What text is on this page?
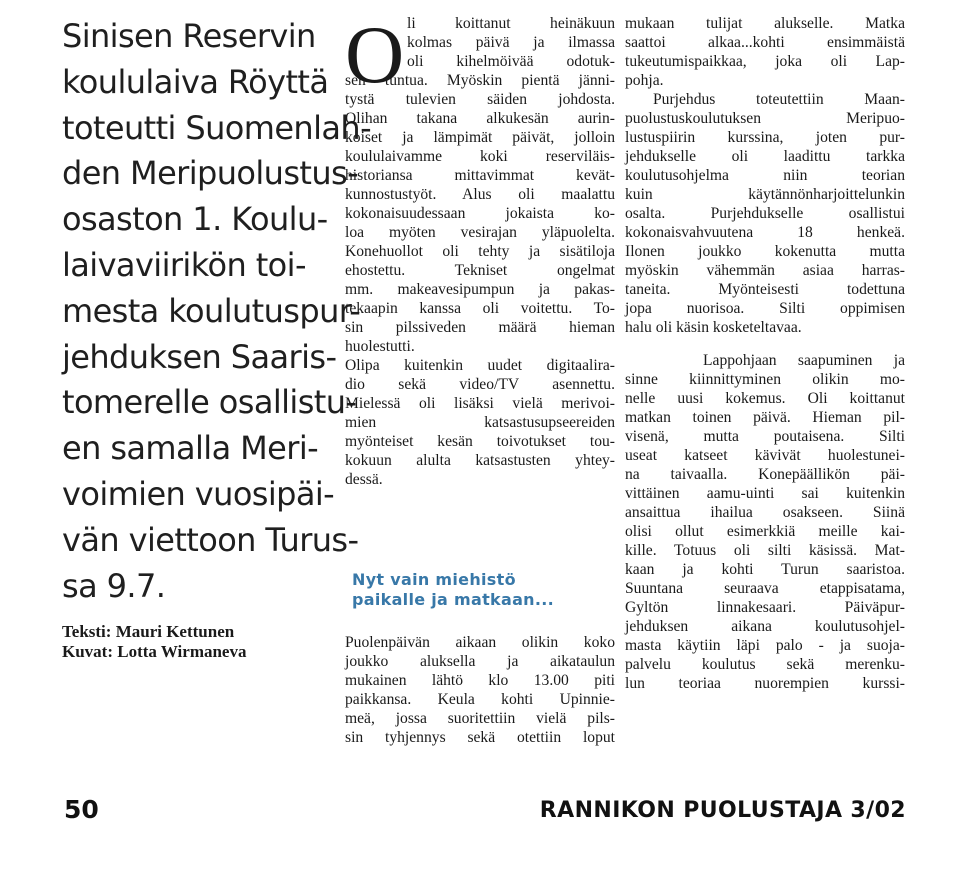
Sinisen Reservin
koululaiva Röyttä
toteutti Suomenlah-
den Meripuolustus-
osaston 1. Koulu-
laivaviirikön toi-
mesta koulutuspur-
jehduksen Saaris-
tomerelle osallistu-
en samalla Meri-
voimien vuosipäi-
vän viettoon Turus-
sa 9.7.
Teksti: Mauri Kettunen
Kuvat: Lotta Wirmaneva
O li koittanut heinäkuun
kolmas päivä ja ilmassa
oli kihelmöivää odotuk-
sen tuntua. Myöskin pientä jänni-
tystä tulevien säiden johdosta.
Olihan takana alkukesän aurin-
koiset ja lämpimät päivät, jolloin
koululaivamme koki reserviläis-
historiansa mittavimmat kevät-
kunnostustyöt. Alus oli maalattu
kokonaisuudessaan jokaista ko-
loa myöten vesirajan yläpuolelta.
Konehuollot oli tehty ja sisätiloja
ehostettu. Tekniset ongelmat
mm. makeavesipumpun ja pakas-
tekaapin kanssa oli voitettu. To-
sin pilssiveden määrä hieman
huolestutti.
Olipa kuitenkin uudet digitaalira-
dio sekä video/TV asennettu.
Mielessä oli lisäksi vielä merivoi-
mien   katsastusupseereiden
myönteiset kesän toivotukset tou-
kokuun alulta katsastusten yhtey-
dessä.
Puolenpäivän aikaan olikin koko
joukko aluksella ja aikataulun
mukainen lähtö klo 13.00 piti
paikkansa. Keula kohti Upinnie-
meä, jossa suoritettiin vielä pils-
sin tyhjennys sekä otettiin loput
Nyt vain miehistö
paikalle ja matkaan...
mukaan tulijat alukselle. Matka
saattoi alkaa...kohti ensimmäistä
tukeutumispaikkaa, joka oli Lap-
pohja.
Purjehdus toteutettiin Maan-
puolustuskoulutuksen Meripuo-
lustuspiirin kurssina, joten pur-
jehdukselle oli laadittu tarkka
koulutusohjelma niin teorian
kuin käytännönharjoittelunkin
osalta. Purjehdukselle osallistui
kokonaisvahvuutena 18 henkeä.
Ilonen joukko kokenutta mutta
myöskin vähemmän asiaa harras-
taneita. Myönteisesti todettuna
jopa nuorisoa. Silti oppimisen
halu oli käsin kosketeltavaa.
Lappohjaan saapuminen ja
sinne kiinnittyminen olikin mo-
nelle uusi kokemus. Oli koittanut
matkan toinen päivä. Hieman pil-
visenä, mutta poutaisena. Silti
useat katseet kävivät huolestunei-
na taivaalla. Konepäällikön päi-
vittäinen aamu-uinti sai kuitenkin
ansaittua ihailua osakseen. Siinä
olisi ollut esimerkkiä meille kai-
kille. Totuus oli silti käsissä. Mat-
kaan ja kohti Turun saaristoa.
Suuntana seuraava etappisatama,
Gyltön linnakesaari. Päiväpur-
jehduksen aikana koulutusohjel-
masta käytiin läpi palo - ja suoja-
palvelu koulutus sekä merenku-
lun teoriaa nuorempien kurssi-
50	RANNIKON PUOLUSTAJA 3/02
